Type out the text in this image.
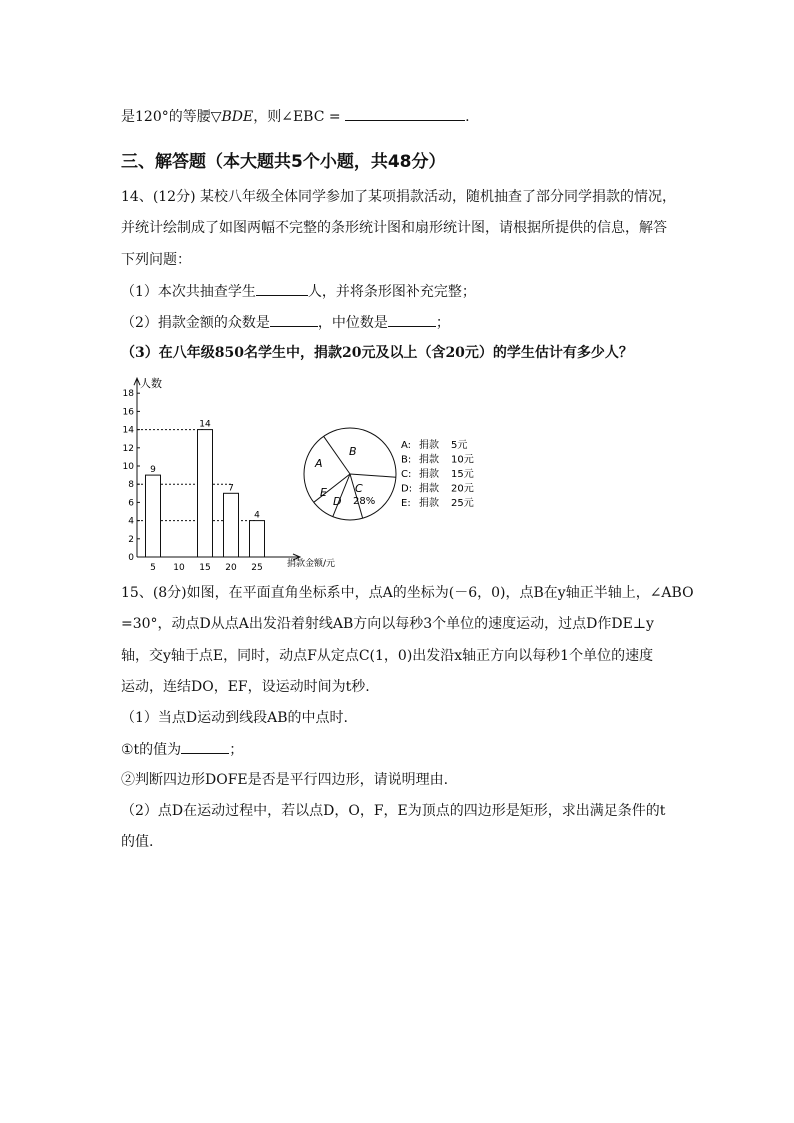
是120°的等腰▽BDE，则∠EBC =	.
三、解答题（本大题共5个小题，共48分）
14、(12分) 某校八年级全体同学参加了某项捐款活动，随机抽查了部分同学捐款的情况，
并统计绘制成了如图两幅不完整的条形统计图和扇形统计图，请根据所提供的信息，解答
下列问题：
（1）本次共抽查学生	人，并将条形图补充完整；
（2）捐款金额的众数是	，中位数是	；
（3）在八年级850名学生中，捐款20元及以上（含20元）的学生估计有多少人？
人数
捐款金额/元
0
2
4
6
8
10
12
14
16
18
5
9
10 15
14
20
7
25
4
A
B
C
28%
D
E
A: 捐款 5元
B: 捐款 10元
C: 捐款 15元
D: 捐款 20元
E: 捐款 25元
15、(8分)如图，在平面直角坐标系中，点A的坐标为(－6，0)，点B在y轴正半轴上，∠ABO
=30°，动点D从点A出发沿着射线AB方向以每秒3个单位的速度运动，过点D作DE⊥y
轴，交y轴于点E，同时，动点F从定点C(1，0)出发沿x轴正方向以每秒1个单位的速度
运动，连结DO，EF，设运动时间为t秒.
（1）当点D运动到线段AB的中点时.
①t的值为	；
②判断四边形DOFE是否是平行四边形，请说明理由.
（2）点D在运动过程中，若以点D，O，F，E为顶点的四边形是矩形，求出满足条件的t
的值.
